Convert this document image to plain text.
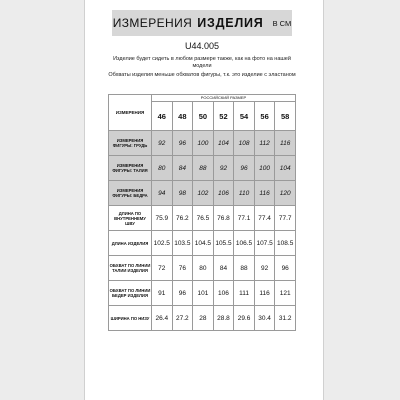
ИЗМЕРЕНИЯ ИЗДЕЛИЯ В СМ
U44.005
Изделие будет сидеть в любом размере также, как на фото на нашей модели
Обхваты изделия меньше обхватов фигуры, т.к. это изделие с эластаном
ИЗМЕРЕНИЯ	РОССИЙСКИЙ РАЗМЕР						
	46	48	50	52	54	56	58
ИЗМЕРЕНИЯ ФИГУРЫ: ГРУДЬ	92	96	100	104	108	112	116
ИЗМЕРЕНИЯ ФИГУРЫ: ТАЛИЯ	80	84	88	92	96	100	104
ИЗМЕРЕНИЯ ФИГУРЫ: БЕДРА	94	98	102	106	110	116	120
ДЛИНА ПО ВНУТРЕННЕМУ ШВУ	75.9	76.2	76.5	76.8	77.1	77.4	77.7
ДЛИНА ИЗДЕЛИЯ	102.5	103.5	104.5	105.5	106.5	107.5	108.5
ОБХВАТ ПО ЛИНИИ ТАЛИИ ИЗДЕЛИЯ	72	76	80	84	88	92	96
ОБХВАТ ПО ЛИНИИ БЕДЕР ИЗДЕЛИЯ	91	96	101	106	111	116	121
ШИРИНА ПО НИЗУ	26.4	27.2	28	28.8	29.6	30.4	31.2
